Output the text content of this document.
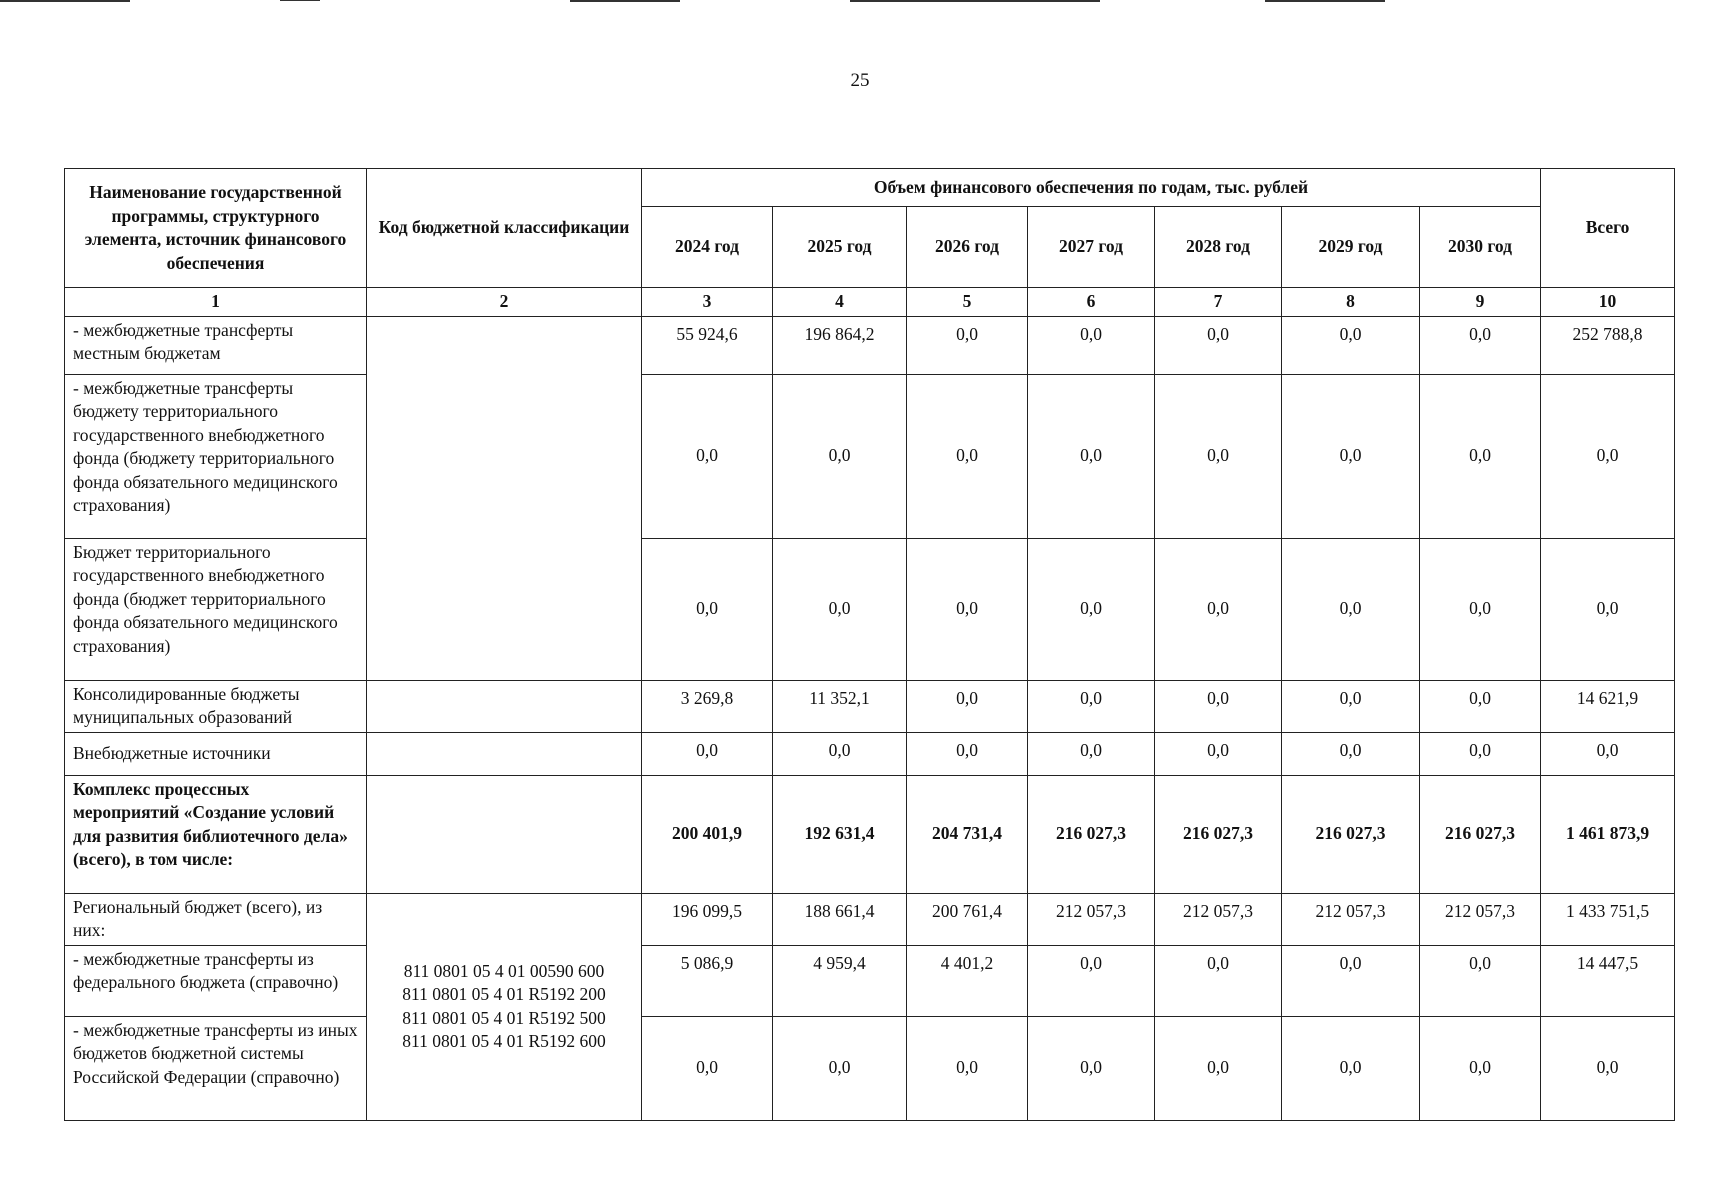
25
Наименование государственной программы, структурного элемента, источник финансового обеспечения	Код бюджетной классификации	Объем финансового обеспечения по годам, тыс. рублей							Всего
		2024 год	2025 год	2026 год	2027 год	2028 год	2029 год	2030 год	
1	2	3	4	5	6	7	8	9	10
- межбюджетные трансферты местным бюджетам		55 924,6	196 864,2	0,0	0,0	0,0	0,0	0,0	252 788,8
- межбюджетные трансферты бюджету территориального государственного внебюджетного фонда (бюджету территориального фонда обязательного медицинского страхования)		0,0	0,0	0,0	0,0	0,0	0,0	0,0	0,0
Бюджет территориального государственного внебюджетного фонда (бюджет территориального фонда обязательного медицинского страхования)		0,0	0,0	0,0	0,0	0,0	0,0	0,0	0,0
Консолидированные бюджеты муниципальных образований		3 269,8	11 352,1	0,0	0,0	0,0	0,0	0,0	14 621,9
Внебюджетные источники		0,0	0,0	0,0	0,0	0,0	0,0	0,0	0,0
Комплекс процессных мероприятий «Создание условий для развития библиотечного дела» (всего), в том числе:		200 401,9	192 631,4	204 731,4	216 027,3	216 027,3	216 027,3	216 027,3	1 461 873,9
Региональный бюджет (всего), из них:	811 0801 05 4 01 00590 600
811 0801 05 4 01 R5192 200
811 0801 05 4 01 R5192 500
811 0801 05 4 01 R5192 600	196 099,5	188 661,4	200 761,4	212 057,3	212 057,3	212 057,3	212 057,3	1 433 751,5
- межбюджетные трансферты из федерального бюджета (справочно)		5 086,9	4 959,4	4 401,2	0,0	0,0	0,0	0,0	14 447,5
- межбюджетные трансферты из иных бюджетов бюджетной системы Российской Федерации (справочно)		0,0	0,0	0,0	0,0	0,0	0,0	0,0	0,0
